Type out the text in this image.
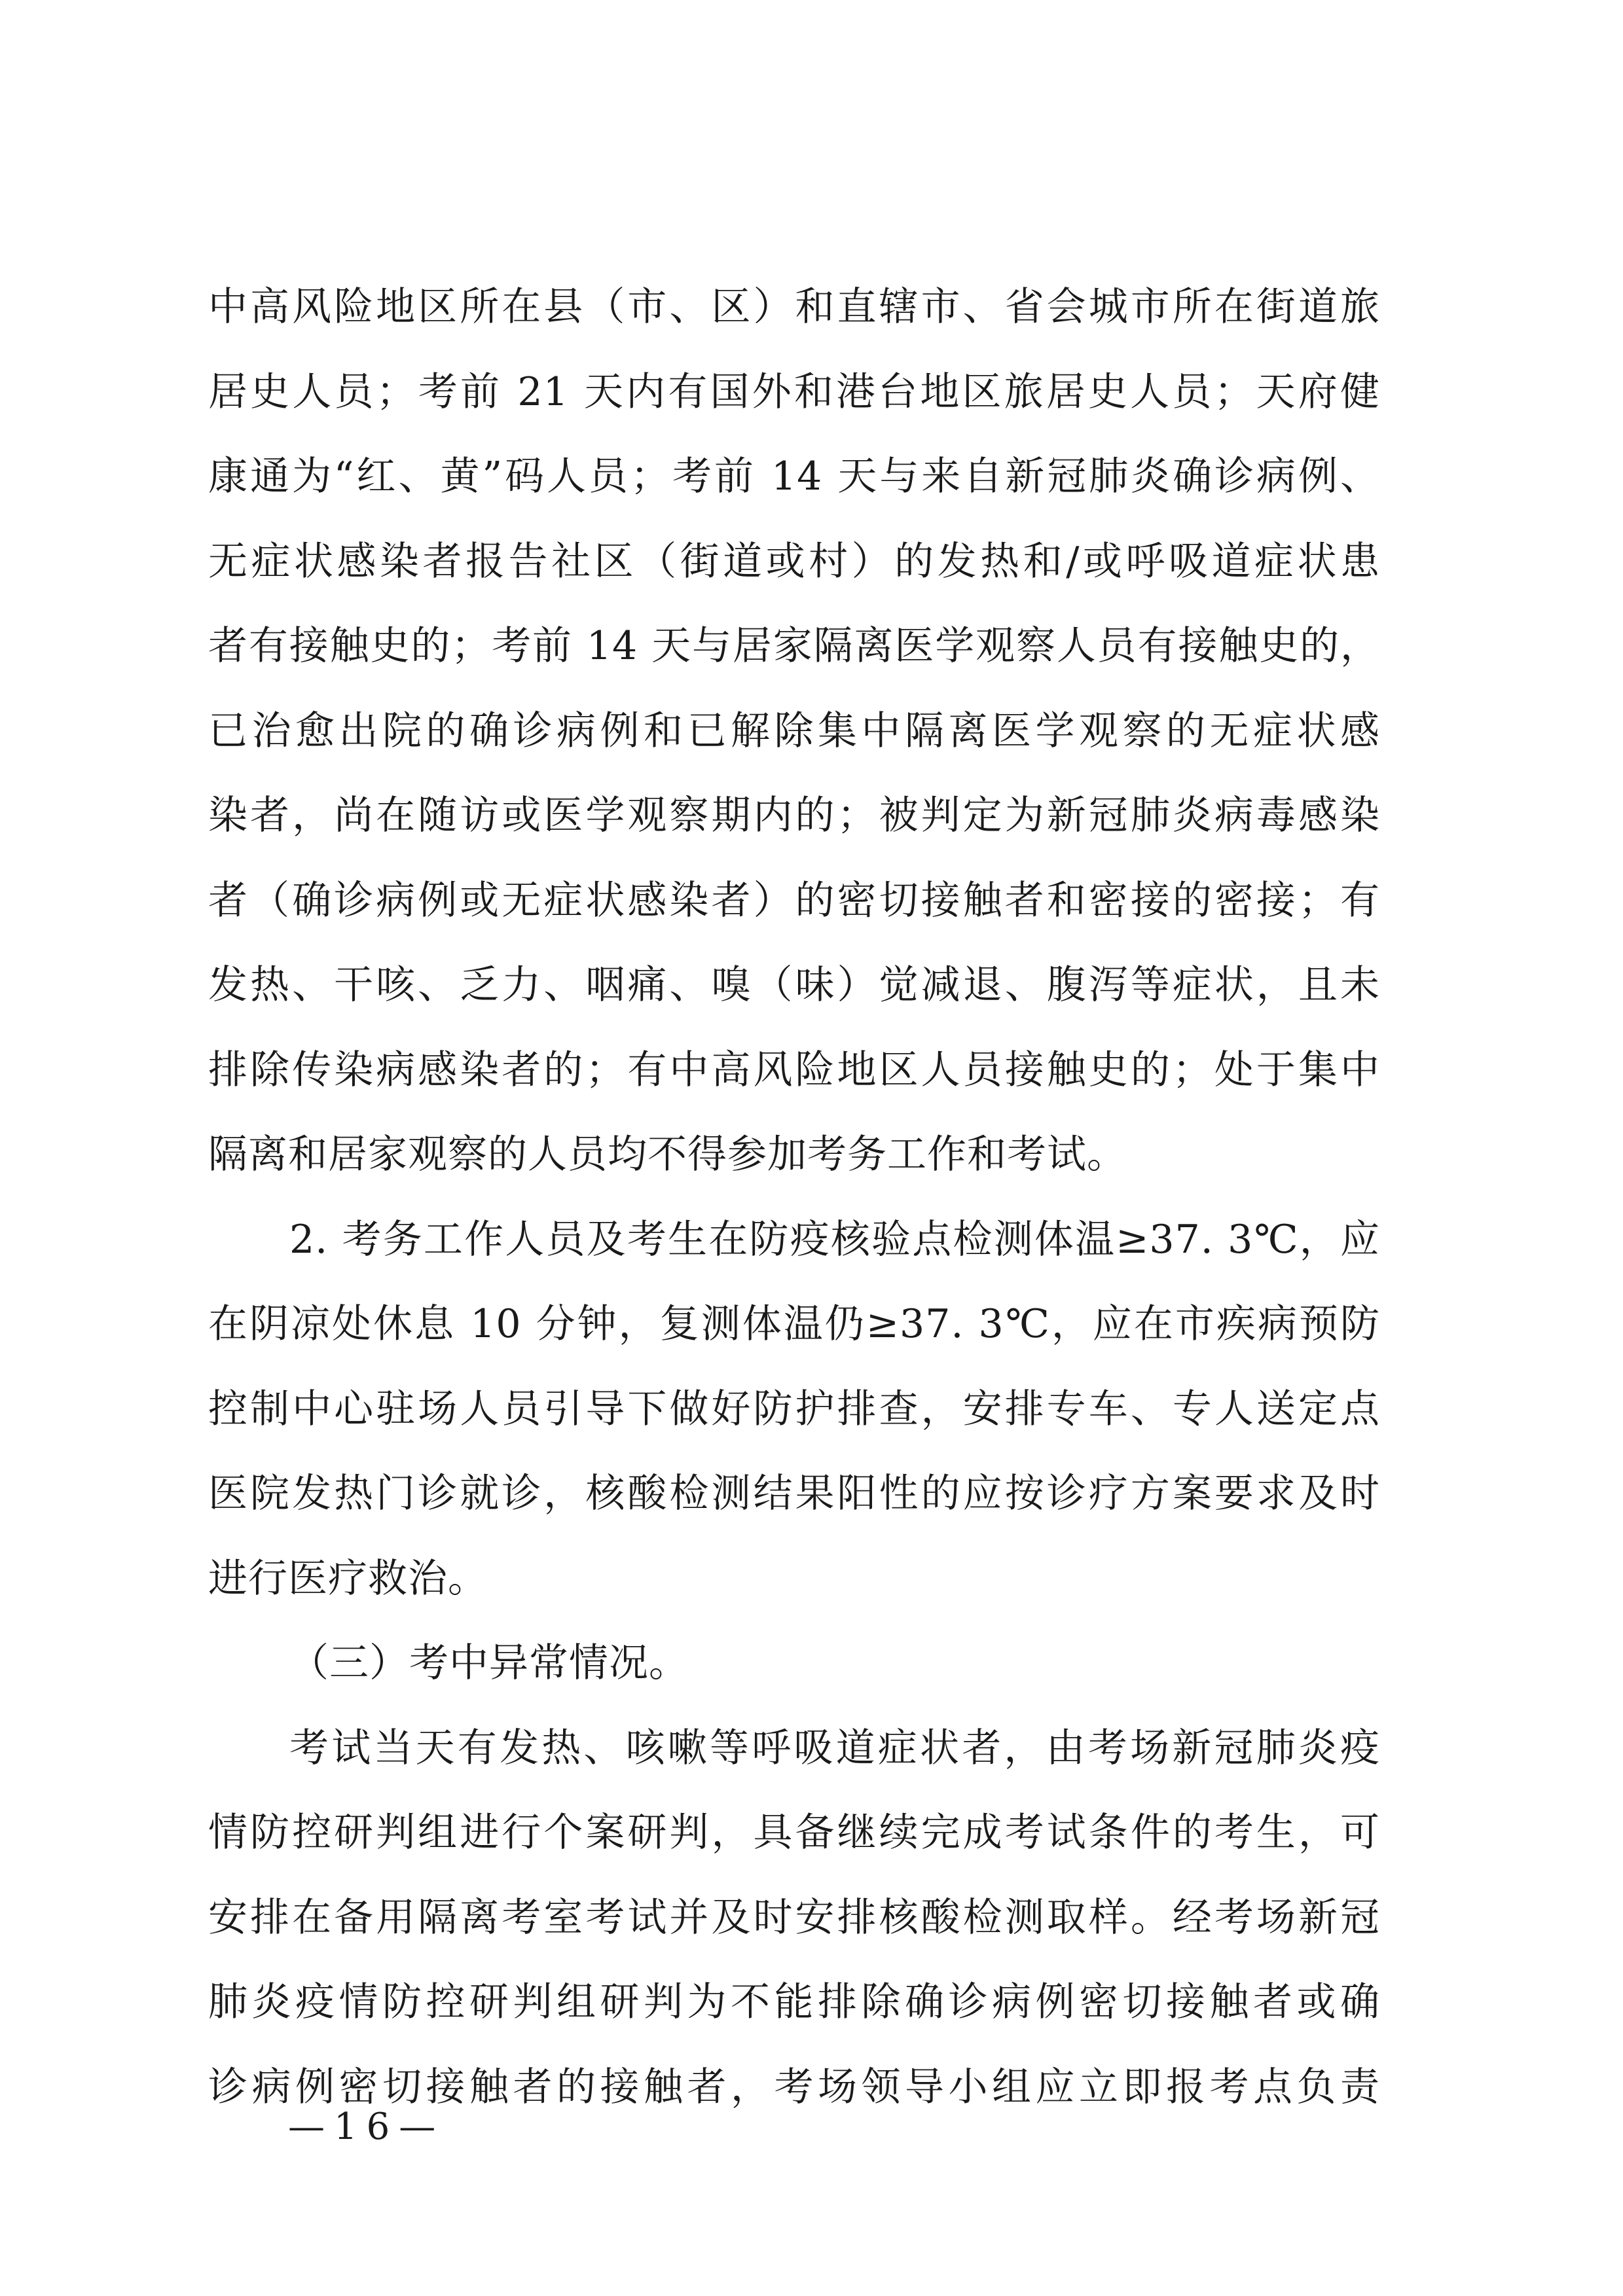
中高风险地区所在县（市、区）和直辖市、省会城市所在街道旅
居史人员；考前 21 天内有国外和港台地区旅居史人员；天府健
康通为“红、黄”码人员；考前 14 天与来自新冠肺炎确诊病例、
无症状感染者报告社区（街道或村）的发热和/或呼吸道症状患
者有接触史的；考前 14 天与居家隔离医学观察人员有接触史的，
已治愈出院的确诊病例和已解除集中隔离医学观察的无症状感
染者，尚在随访或医学观察期内的；被判定为新冠肺炎病毒感染
者（确诊病例或无症状感染者）的密切接触者和密接的密接；有
发热、干咳、乏力、咽痛、嗅（味）觉减退、腹泻等症状，且未
排除传染病感染者的；有中高风险地区人员接触史的；处于集中
隔离和居家观察的人员均不得参加考务工作和考试。
2. 考务工作人员及考生在防疫核验点检测体温≥37. 3℃，应
在阴凉处休息 10 分钟，复测体温仍≥37. 3℃，应在市疾病预防
控制中心驻场人员引导下做好防护排查，安排专车、专人送定点
医院发热门诊就诊，核酸检测结果阳性的应按诊疗方案要求及时
进行医疗救治。
（三）考中异常情况。
考试当天有发热、咳嗽等呼吸道症状者，由考场新冠肺炎疫
情防控研判组进行个案研判，具备继续完成考试条件的考生，可
安排在备用隔离考室考试并及时安排核酸检测取样。经考场新冠
肺炎疫情防控研判组研判为不能排除确诊病例密切接触者或确
诊病例密切接触者的接触者，考场领导小组应立即报考点负责
—16—
